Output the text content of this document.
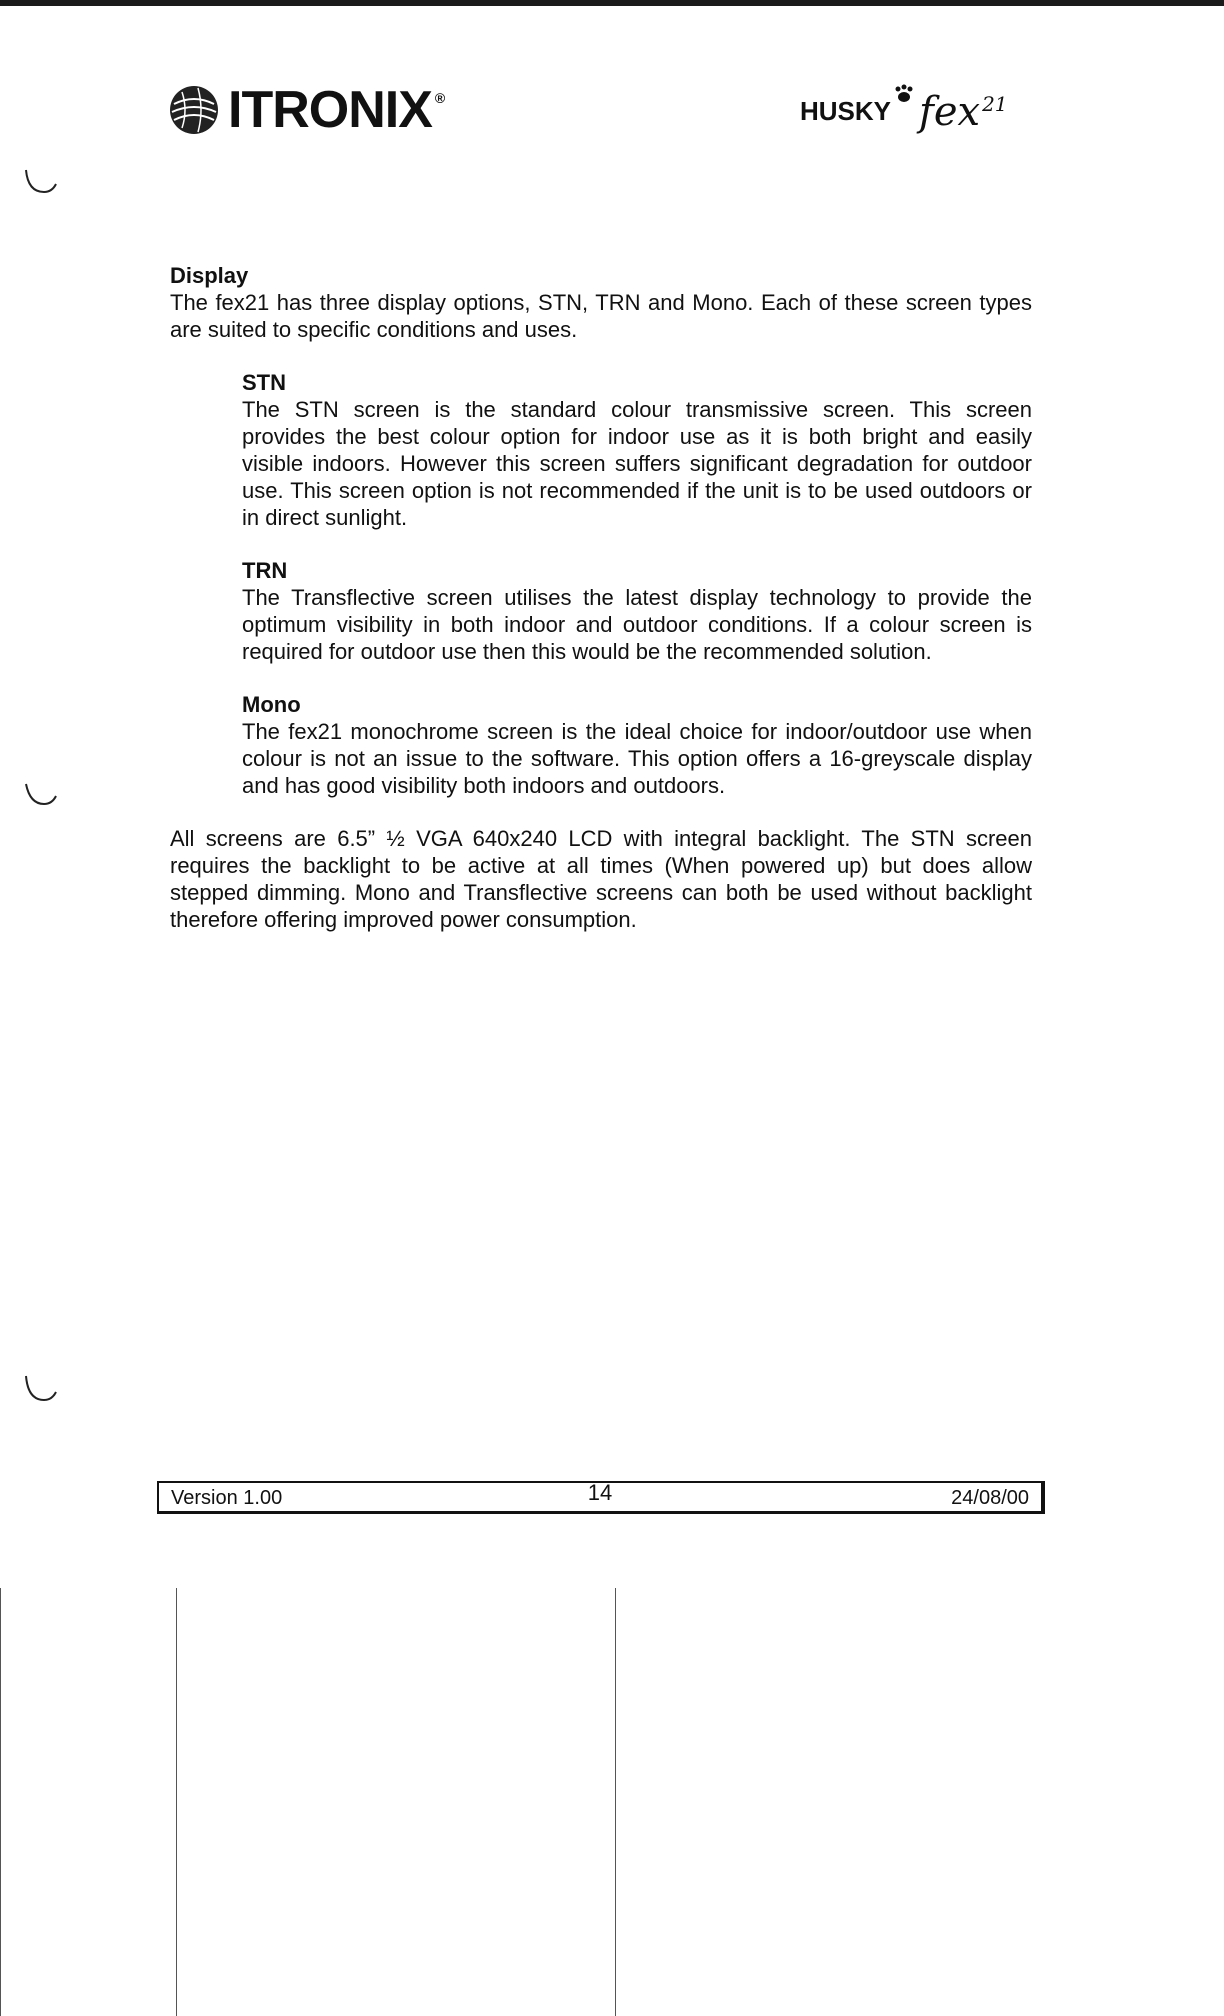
ITRONIX ®	HUSKY fex 21

Display

The fex21 has three display options, STN, TRN and Mono. Each of these screen types are suited to specific conditions and uses.

STN

The STN screen is the standard colour transmissive screen. This screen provides the best colour option for indoor use as it is both bright and easily visible indoors. However this screen suffers significant degradation for outdoor use. This screen option is not recommended if the unit is to be used outdoors or in direct sunlight.

TRN

The Transflective screen utilises the latest display technology to provide the optimum visibility in both indoor and outdoor conditions. If a colour screen is required for outdoor use then this would be the recommended solution.

Mono

The fex21 monochrome screen is the ideal choice for indoor/outdoor use when colour is not an issue to the software. This option offers a 16-greyscale display and has good visibility both indoors and outdoors.

All screens are 6.5” ½ VGA 640x240 LCD with integral backlight. The STN screen requires the backlight to be active at all times (When powered up) but does allow stepped dimming. Mono and Transflective screens can both be used without backlight therefore offering improved power consumption.

Version 1.00	14	24/08/00
